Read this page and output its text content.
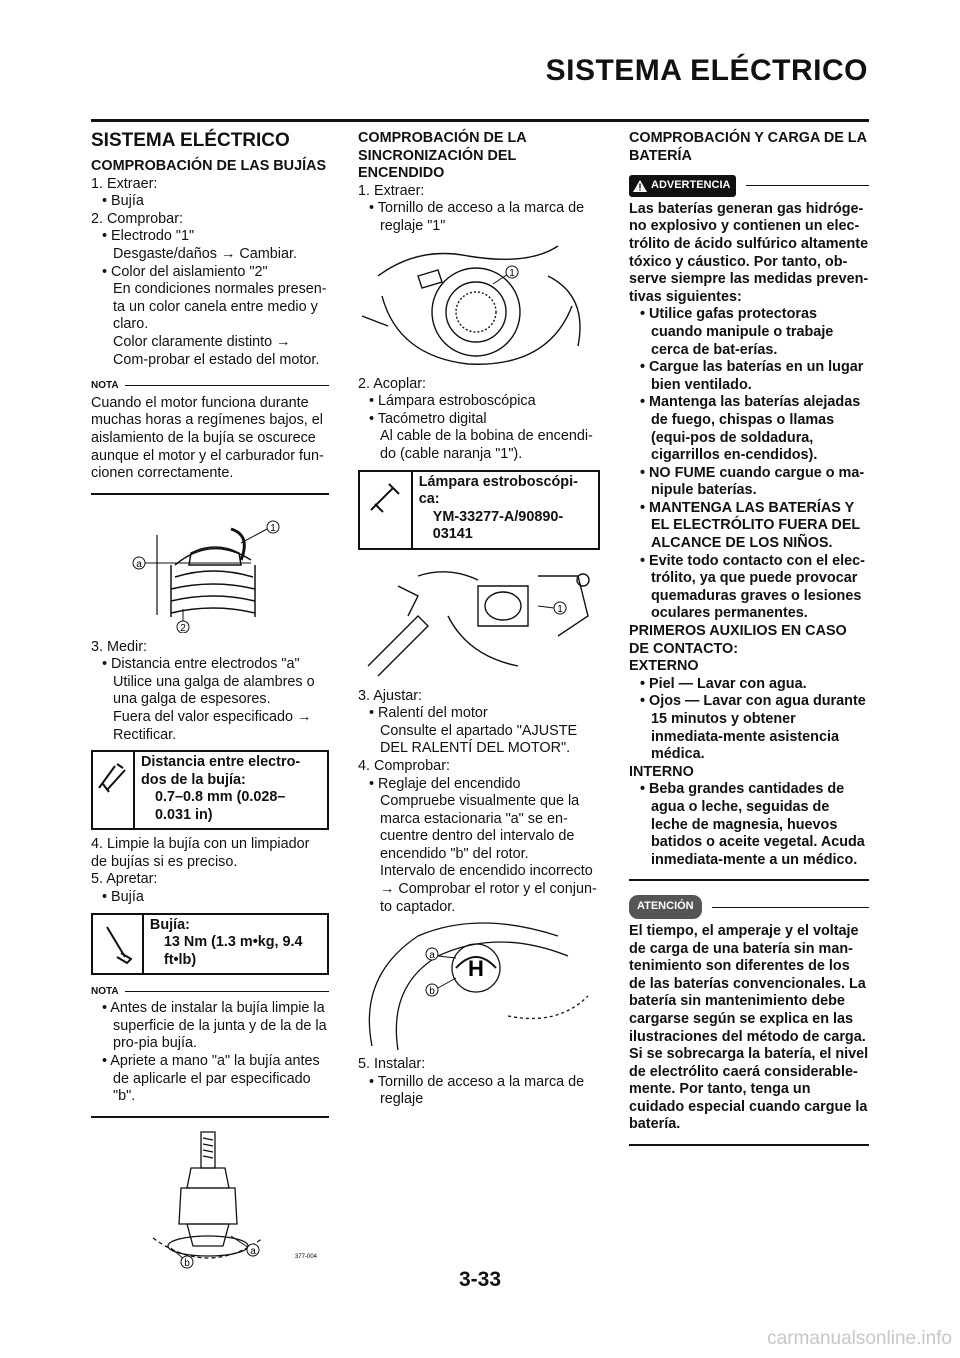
SISTEMA ELÉCTRICO
SISTEMA ELÉCTRICO
COMPROBACIÓN DE LAS BUJÍAS
1. Extraer:
• Bujía
2. Comprobar:
• Electrodo "1"
Desgaste/daños → Cambiar.
• Color del aislamiento "2"
En condiciones normales presen-ta un color canela entre medio y claro.
Color claramente distinto → Com-probar el estado del motor.
NOTA
Cuando el motor funciona durante muchas horas a regímenes bajos, el aislamiento de la bujía se oscurece aunque el motor y el carburador fun-cionen correctamente.
a
1
2
3. Medir:
• Distancia entre electrodos "a"
Utilice una galga de alambres o una galga de espesores.
Fuera del valor especificado → Rectificar.
Distancia entre electro-dos de la bujía:
0.7–0.8 mm (0.028–0.031 in)
4. Limpie la bujía con un limpiador de bujías si es preciso.
5. Apretar:
• Bujía
Bujía:
13 Nm (1.3 m•kg, 9.4 ft•lb)
NOTA
• Antes de instalar la bujía limpie la superficie de la junta y de la de la pro-pia bujía.
• Apriete a mano "a" la bujía antes de aplicarle el par especificado "b".
a
b
377-004
COMPROBACIÓN DE LA SINCRONIZACIÓN DEL ENCENDIDO
1. Extraer:
• Tornillo de acceso a la marca de reglaje "1"
1
2. Acoplar:
• Lámpara estroboscópica
• Tacómetro digital
Al cable de la bobina de encendi-do (cable naranja "1").
Lámpara estroboscópi-ca:
YM-33277-A/90890-03141
1
3. Ajustar:
• Ralentí del motor
Consulte el apartado "AJUSTE DEL RALENTÍ DEL MOTOR".
4. Comprobar:
• Reglaje del encendido
Compruebe visualmente que la marca estacionaria "a" se en-cuentre dentro del intervalo de encendido "b" del rotor.
Intervalo de encendido incorrecto → Comprobar el rotor y el conjun-to captador.
H
a
b
5. Instalar:
• Tornillo de acceso a la marca de reglaje
COMPROBACIÓN Y CARGA DE LA BATERÍA
ADVERTENCIA
Las baterías generan gas hidróge-no explosivo y contienen un elec-trólito de ácido sulfúrico altamente tóxico y cáustico. Por tanto, ob-serve siempre las medidas preven-tivas siguientes:
• Utilice gafas protectoras cuando manipule o trabaje cerca de bat-erías.
• Cargue las baterías en un lugar bien ventilado.
• Mantenga las baterías alejadas de fuego, chispas o llamas (equi-pos de soldadura, cigarrillos en-cendidos).
• NO FUME cuando cargue o ma-nipule baterías.
• MANTENGA LAS BATERÍAS Y EL ELECTRÓLITO FUERA DEL ALCANCE DE LOS NIÑOS.
• Evite todo contacto con el elec-trólito, ya que puede provocar quemaduras graves o lesiones oculares permanentes.
PRIMEROS AUXILIOS EN CASO DE CONTACTO:
EXTERNO
• Piel — Lavar con agua.
• Ojos — Lavar con agua durante 15 minutos y obtener inmediata-mente asistencia médica.
INTERNO
• Beba grandes cantidades de agua o leche, seguidas de leche de magnesia, huevos batidos o aceite vegetal. Acuda inmediata-mente a un médico.
ATENCIÓN
El tiempo, el amperaje y el voltaje de carga de una batería sin man-tenimiento son diferentes de los de las baterías convencionales. La batería sin mantenimiento debe cargarse según se explica en las ilustraciones del método de carga. Si se sobrecarga la batería, el nivel de electrólito caerá considerable-mente. Por tanto, tenga un cuidado especial cuando cargue la batería.
3-33
carmanualsonline.info
